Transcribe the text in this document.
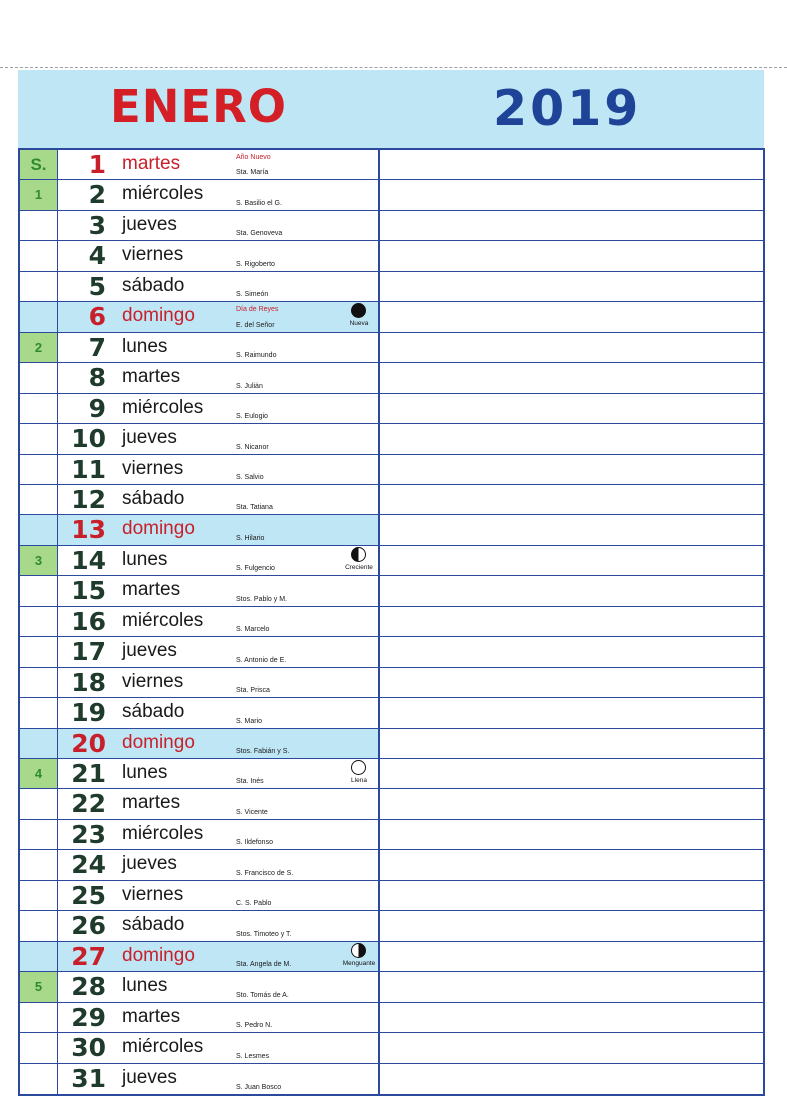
ENERO	2019
S.	1 martes	Año Nuevo
Sta. María
1	2 miércoles	S. Basilio el G.
3 jueves	Sta. Genoveva
4 viernes	S. Rigoberto
5 sábado	S. Simeón
6 domingo	Día de Reyes
E. del Señor	Nueva
2	7 lunes	S. Raimundo
8 martes	S. Julián
9 miércoles	S. Eulogio
10 jueves	S. Nicanor
11 viernes	S. Salvio
12 sábado	Sta. Tatiana
13 domingo	S. Hilario
3	14 lunes	S. Fulgencio	Creciente
15 martes	Stos. Pablo y M.
16 miércoles	S. Marcelo
17 jueves	S. Antonio de E.
18 viernes	Sta. Prisca
19 sábado	S. Mario
20 domingo	Stos. Fabián y S.
4	21 lunes	Sta. Inés	Llena
22 martes	S. Vicente
23 miércoles	S. Ildefonso
24 jueves	S. Francisco de S.
25 viernes	C. S. Pablo
26 sábado	Stos. Timoteo y T.
27 domingo	Sta. Angela de M.	Menguante
5	28 lunes	Sto. Tomás de A.
29 martes	S. Pedro N.
30 miércoles	S. Lesmes
31 jueves	S. Juan Bosco
